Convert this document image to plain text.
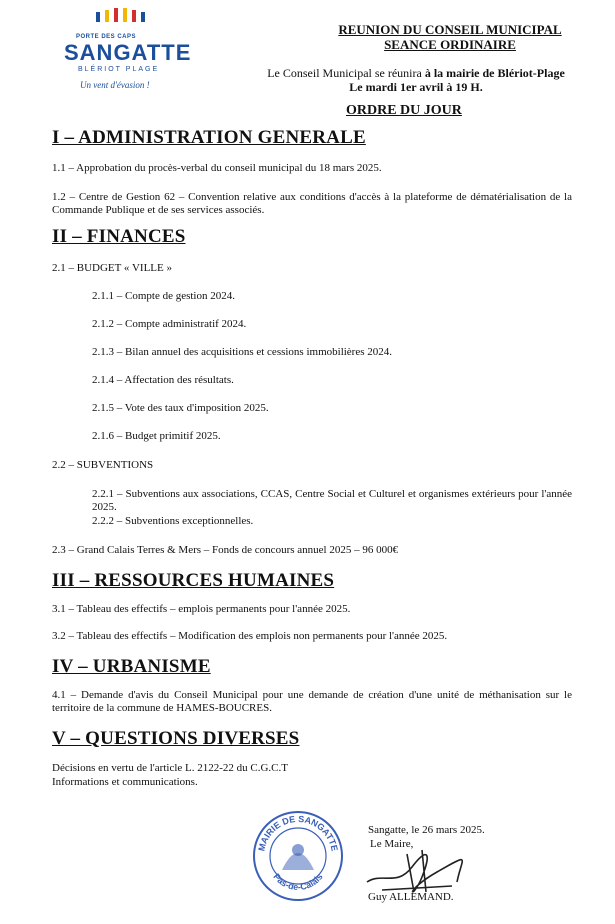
PORTE DES CAPS
SANGATTE
BLÉRIOT PLAGE
Un vent d'évasion !
REUNION DU CONSEIL MUNICIPAL
SEANCE ORDINAIRE
Le Conseil Municipal se réunira à la mairie de Blériot-Plage
Le mardi 1er avril à 19 H.
ORDRE DU JOUR
I – ADMINISTRATION GENERALE
1.1 – Approbation du procès-verbal du conseil municipal du 18 mars 2025.
1.2 – Centre de Gestion 62 – Convention relative aux conditions d'accès à la plateforme de dématérialisation de la Commande Publique et de ses services associés.
II – FINANCES
2.1 – BUDGET « VILLE »
2.1.1 – Compte de gestion 2024.
2.1.2 – Compte administratif 2024.
2.1.3 – Bilan annuel des acquisitions et cessions immobilières 2024.
2.1.4 – Affectation des résultats.
2.1.5 – Vote des taux d'imposition 2025.
2.1.6 – Budget primitif 2025.
2.2 – SUBVENTIONS
2.2.1 – Subventions aux associations, CCAS, Centre Social et Culturel et organismes extérieurs pour l'année 2025.
2.2.2 – Subventions exceptionnelles.
2.3 – Grand Calais Terres & Mers – Fonds de concours annuel 2025 – 96 000€
III – RESSOURCES HUMAINES
3.1 – Tableau des effectifs – emplois permanents pour l'année 2025.
3.2 – Tableau des effectifs – Modification des emplois non permanents pour l'année 2025.
IV – URBANISME
4.1 – Demande d'avis du Conseil Municipal pour une demande de création d'une unité de méthanisation sur le territoire de la commune de HAMES-BOUCRES.
V – QUESTIONS DIVERSES
Décisions en vertu de l'article L. 2122-22 du C.G.C.T
Informations et communications.
MAIRIE DE SANGATTE
Pas-de-Calais
Sangatte, le 26 mars 2025.
Le Maire,
Guy ALLEMAND.
